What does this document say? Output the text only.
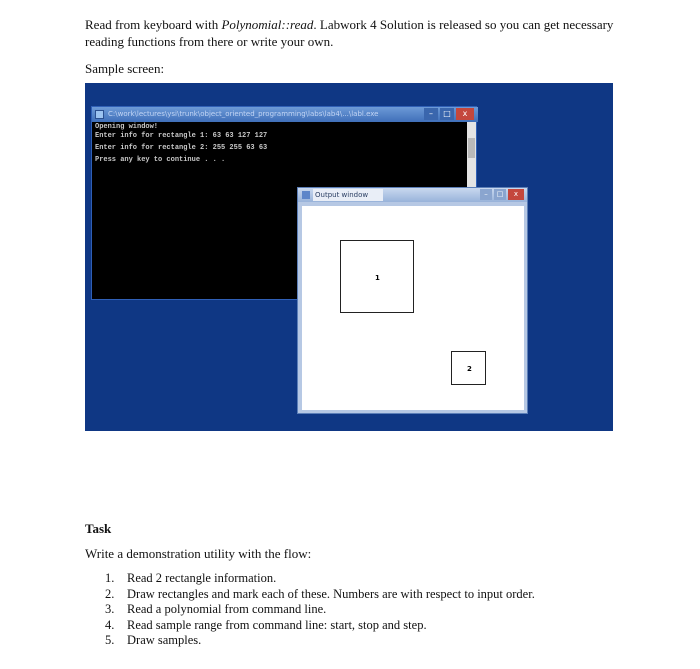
Read from keyboard with Polynomial::read. Labwork 4 Solution is released so you can get necessary
reading functions from there or write your own.
Sample screen:
C:\work\lectures\ysi\trunk\object_oriented_programming\labs\lab4\...\labl.exe	–	□	x
Opening window!
Enter info for rectangle 1: 63 63 127 127
Enter info for rectangle 2: 255 255 63 63
Press any key to continue . . .
Output window	–	□	x
1
2
Task
Write a demonstration utility with the flow:
1.	Read 2 rectangle information.
2.	Draw rectangles and mark each of these. Numbers are with respect to input order.
3.	Read a polynomial from command line.
4.	Read sample range from command line: start, stop and step.
5.	Draw samples.
